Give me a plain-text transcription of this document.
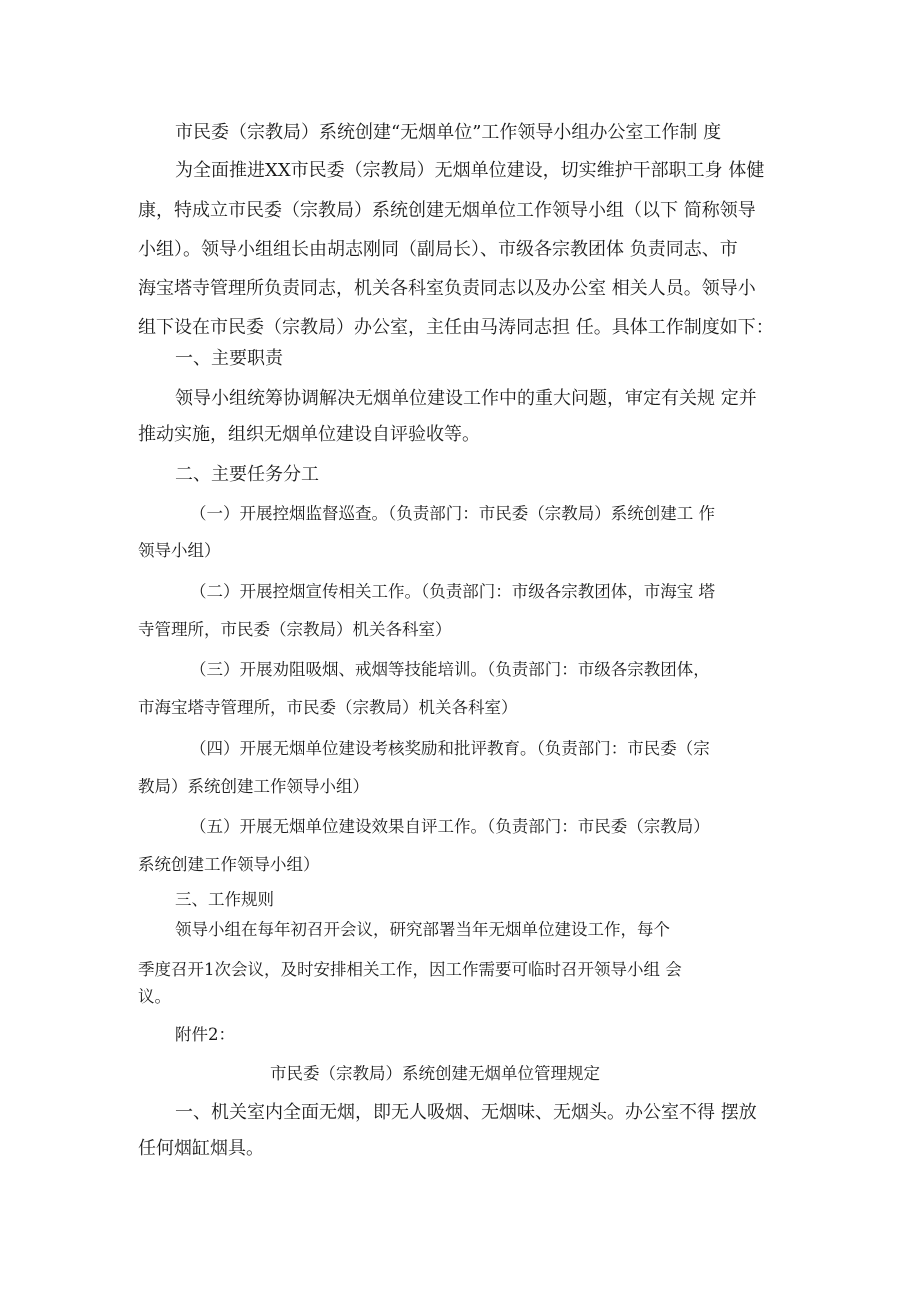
市民委（宗教局）系统创建“无烟单位”工作领导小组办公室工作制 度
为全面推进XX市民委（宗教局）无烟单位建设，切实维护干部职工身 体健
康，特成立市民委（宗教局）系统创建无烟单位工作领导小组（以下 简称领导
小组）。领导小组组长由胡志刚同（副局长）、市级各宗教团体 负责同志、市
海宝塔寺管理所负责同志，机关各科室负责同志以及办公室 相关人员。领导小
组下设在市民委（宗教局）办公室，主任由马涛同志担 任。具体工作制度如下：
一、主要职责
领导小组统筹协调解决无烟单位建设工作中的重大问题，审定有关规 定并
推动实施，组织无烟单位建设自评验收等。
二、主要任务分工
（一）开展控烟监督巡查。（负责部门：市民委（宗教局）系统创建工 作
领导小组）
（二）开展控烟宣传相关工作。（负责部门：市级各宗教团体，市海宝 塔
寺管理所，市民委（宗教局）机关各科室）
（三）开展劝阻吸烟、戒烟等技能培训。（负责部门：市级各宗教团体，
市海宝塔寺管理所，市民委（宗教局）机关各科室）
（四）开展无烟单位建设考核奖励和批评教育。（负责部门：市民委（宗
教局）系统创建工作领导小组）
（五）开展无烟单位建设效果自评工作。（负责部门：市民委（宗教局）
系统创建工作领导小组）
三、工作规则
领导小组在每年初召开会议，研究部署当年无烟单位建设工作，每个
季度召开1次会议，及时安排相关工作，因工作需要可临时召开领导小组 会
议。
附件2：
市民委（宗教局）系统创建无烟单位管理规定
一、机关室内全面无烟，即无人吸烟、无烟味、无烟头。办公室不得 摆放
任何烟缸烟具。
